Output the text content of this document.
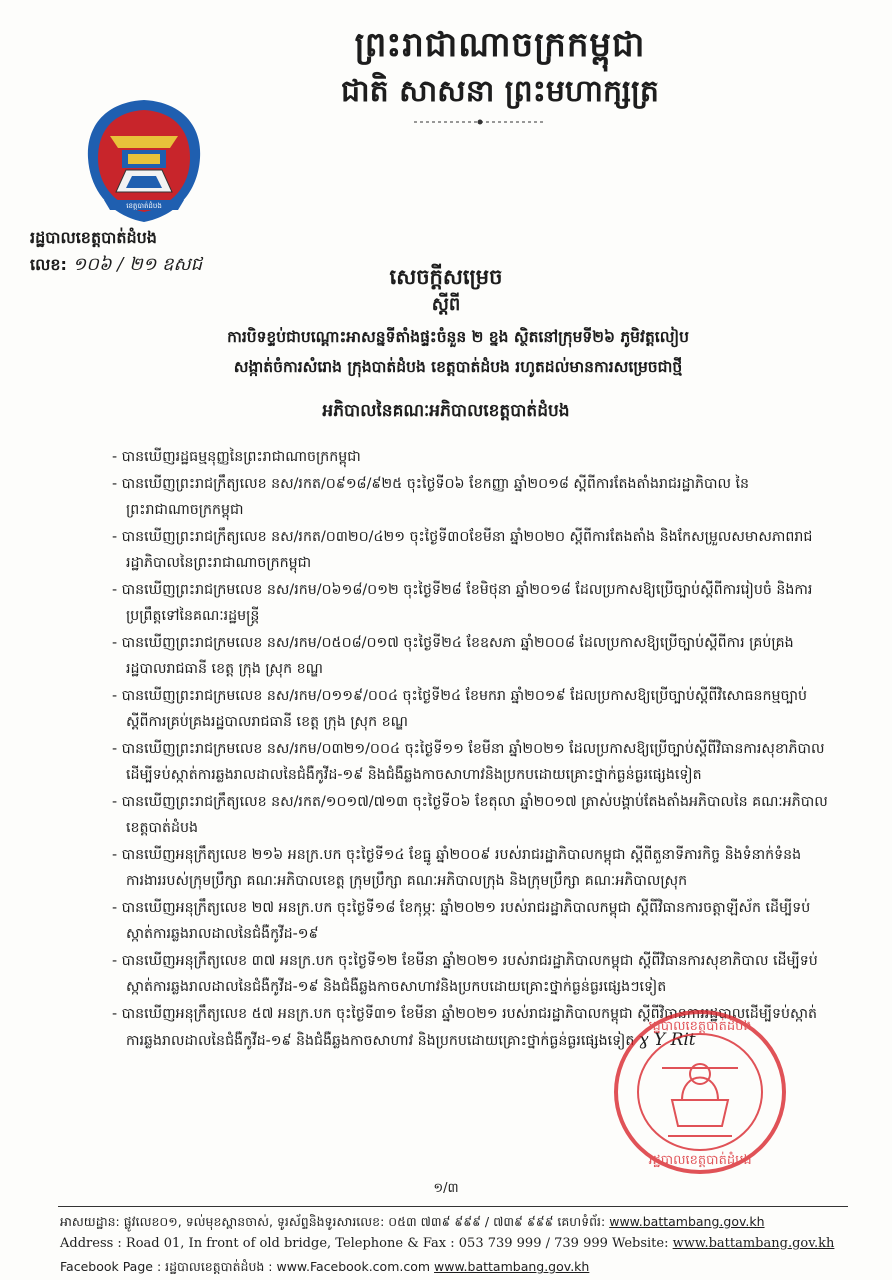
ព្រះរាជាណាចក្រកម្ពុជា
ជាតិ សាសនា ព្រះមហាក្សត្រ
ខេត្តបាត់ដំបង
រដ្ឋបាលខេត្តបាត់ដំបង
លេខ: ១០៦ / ២១ ឧសជ	សេចក្ដីសម្រេច
ស្ដីពី
ការបិទខ្ទប់ជាបណ្ដោះអាសន្នទីតាំងផ្ទះចំនួន ២ ខ្នង ស្ថិតនៅក្រុមទី២៦ ភូមិវត្តលៀប
សង្កាត់ចំការសំរោង ក្រុងបាត់ដំបង ខេត្តបាត់ដំបង រហូតដល់មានការសម្រេចជាថ្មី
អភិបាលនៃគណៈអភិបាលខេត្តបាត់ដំបង
- បានឃើញរដ្ឋធម្មនុញ្ញនៃព្រះរាជាណាចក្រកម្ពុជា
- បានឃើញព្រះរាជក្រឹត្យលេខ នស/រកត/០៩១៨/៩២៥ ចុះថ្ងៃទី០៦ ខែកញ្ញា ឆ្នាំ២០១៨ ស្ដីពីការតែងតាំងរាជរដ្ឋាភិបាល នៃព្រះរាជាណាចក្រកម្ពុជា
- បានឃើញព្រះរាជក្រឹត្យលេខ នស/រកត/០៣២០/៤២១ ចុះថ្ងៃទី៣០ខែមីនា ឆ្នាំ២០២០ ស្ដីពីការតែងតាំង និងកែសម្រួលសមាសភាពរាជរដ្ឋាភិបាលនៃព្រះរាជាណាចក្រកម្ពុជា
- បានឃើញព្រះរាជក្រមលេខ នស/រកម/០៦១៨/០១២ ចុះថ្ងៃទី២៨ ខែមិថុនា ឆ្នាំ២០១៨ ដែលប្រកាសឱ្យប្រើច្បាប់ស្ដីពីការរៀបចំ និងការប្រព្រឹត្តទៅនៃគណៈរដ្ឋមន្ត្រី
- បានឃើញព្រះរាជក្រមលេខ នស/រកម/០៥០៨/០១៧ ចុះថ្ងៃទី២៤ ខែឧសភា ឆ្នាំ២០០៨ ដែលប្រកាសឱ្យប្រើច្បាប់ស្ដីពីការ គ្រប់គ្រងរដ្ឋបាលរាជធានី ខេត្ត ក្រុង ស្រុក ខណ្ឌ
- បានឃើញព្រះរាជក្រមលេខ នស/រកម/០១១៩/០០៤ ចុះថ្ងៃទី២៤ ខែមករា ឆ្នាំ២០១៩ ដែលប្រកាសឱ្យប្រើច្បាប់ស្ដីពីវិសោធនកម្មច្បាប់ ស្ដីពីការគ្រប់គ្រងរដ្ឋបាលរាជធានី ខេត្ត ក្រុង ស្រុក ខណ្ឌ
- បានឃើញព្រះរាជក្រមលេខ នស/រកម/០៣២១/០០៤ ចុះថ្ងៃទី១១ ខែមីនា ឆ្នាំ២០២១ ដែលប្រកាសឱ្យប្រើច្បាប់ស្ដីពីវិធានការសុខាភិបាលដើម្បីទប់ស្កាត់ការឆ្លងរាលដាលនៃជំងឺកូវីដ-១៩ និងជំងឺឆ្លងកាចសាហាវនិងប្រកបដោយគ្រោះថ្នាក់ធ្ងន់ធ្ងរផ្សេងទៀត
- បានឃើញព្រះរាជក្រឹត្យលេខ នស/រកត/១០១៧/៧១៣ ចុះថ្ងៃទី០៦ ខែតុលា ឆ្នាំ២០១៧ ត្រាស់បង្គាប់តែងតាំងអភិបាលនៃ គណៈអភិបាលខេត្តបាត់ដំបង
- បានឃើញអនុក្រឹត្យលេខ ២១៦ អនក្រ.បក ចុះថ្ងៃទី១៤ ខែធ្នូ ឆ្នាំ២០០៩ របស់រាជរដ្ឋាភិបាលកម្ពុជា ស្ដីពីតួនាទីភារកិច្ច និងទំនាក់ទំនងការងាររបស់ក្រុមប្រឹក្សា គណៈអភិបាលខេត្ត ក្រុមប្រឹក្សា គណៈអភិបាលក្រុង និងក្រុមប្រឹក្សា គណៈអភិបាលស្រុក
- បានឃើញអនុក្រឹត្យលេខ ២៧ អនក្រ.បក ចុះថ្ងៃទី១៨ ខែកុម្ភៈ ឆ្នាំ២០២១ របស់រាជរដ្ឋាភិបាលកម្ពុជា ស្ដីពីវិធានការចត្តាឡីស័ក ដើម្បីទប់ស្កាត់ការឆ្លងរាលដាលនៃជំងឺកូវីដ-១៩
- បានឃើញអនុក្រឹត្យលេខ ៣៧ អនក្រ.បក ចុះថ្ងៃទី១២ ខែមីនា ឆ្នាំ២០២១ របស់រាជរដ្ឋាភិបាលកម្ពុជា ស្ដីពីវិធានការសុខាភិបាល ដើម្បីទប់ស្កាត់ការឆ្លងរាលដាលនៃជំងឺកូវីដ-១៩ និងជំងឺឆ្លងកាចសាហាវនិងប្រកបដោយគ្រោះថ្នាក់ធ្ងន់ធ្ងរផ្សេងៗទៀត
- បានឃើញអនុក្រឹត្យលេខ ៥៧ អនក្រ.បក ចុះថ្ងៃទី៣១ ខែមីនា ឆ្នាំ២០២១ របស់រាជរដ្ឋាភិបាលកម្ពុជា ស្ដីពីវិធានការរដ្ឋបាលដើម្បីទប់ស្កាត់ការឆ្លងរាលដាលនៃជំងឺកូវីដ-១៩ និងជំងឺឆ្លងកាចសាហាវ និងប្រកបដោយគ្រោះថ្នាក់ធ្ងន់ធ្ងរផ្សេងទៀត ɣ Y Rit
រដ្ឋបាលខេត្តបាត់ដំបង
រដ្ឋបាលខេត្តបាត់ដំបង
១/៣
អាសយដ្ឋាន: ផ្លូវលេខ០១, ទល់មុខស្ពានចាស់, ទូរស័ព្ទនិងទូរសារលេខ: ០៥៣ ៧៣៩ ៩៩៩ / ៧៣៩ ៩៩៩ គេហទំព័រ: www.battambang.gov.kh
Address : Road 01, In front of old bridge, Telephone & Fax : 053 739 999 / 739 999 Website: www.battambang.gov.kh
Facebook Page : រដ្ឋបាលខេត្តបាត់ដំបង : www.Facebook.com.com www.battambang.gov.kh
